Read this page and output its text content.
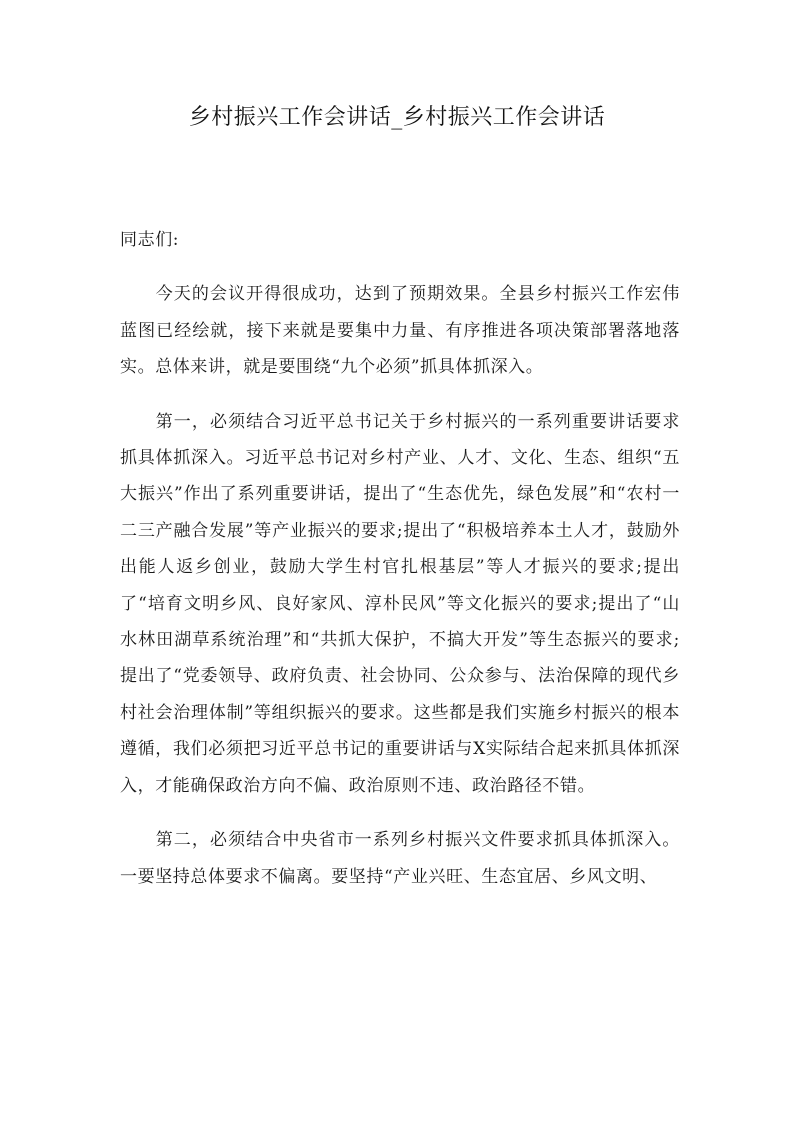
乡村振兴工作会讲话_乡村振兴工作会讲话

同志们:

今天的会议开得很成功，达到了预期效果。全县乡村振兴工作宏伟蓝图已经绘就，接下来就是要集中力量、有序推进各项决策部署落地落实。总体来讲，就是要围绕“九个必须”抓具体抓深入。

第一，必须结合习近平总书记关于乡村振兴的一系列重要讲话要求抓具体抓深入。习近平总书记对乡村产业、人才、文化、生态、组织“五大振兴”作出了系列重要讲话，提出了“生态优先，绿色发展”和“农村一二三产融合发展”等产业振兴的要求;提出了“积极培养本土人才，鼓励外出能人返乡创业，鼓励大学生村官扎根基层”等人才振兴的要求;提出了“培育文明乡风、良好家风、淳朴民风”等文化振兴的要求;提出了“山水林田湖草系统治理”和“共抓大保护，不搞大开发”等生态振兴的要求;提出了“党委领导、政府负责、社会协同、公众参与、法治保障的现代乡村社会治理体制”等组织振兴的要求。这些都是我们实施乡村振兴的根本遵循，我们必须把习近平总书记的重要讲话与X实际结合起来抓具体抓深入，才能确保政治方向不偏、政治原则不违、政治路径不错。

第二，必须结合中央省市一系列乡村振兴文件要求抓具体抓深入。一要坚持总体要求不偏离。要坚持“产业兴旺、生态宜居、乡风文明、
